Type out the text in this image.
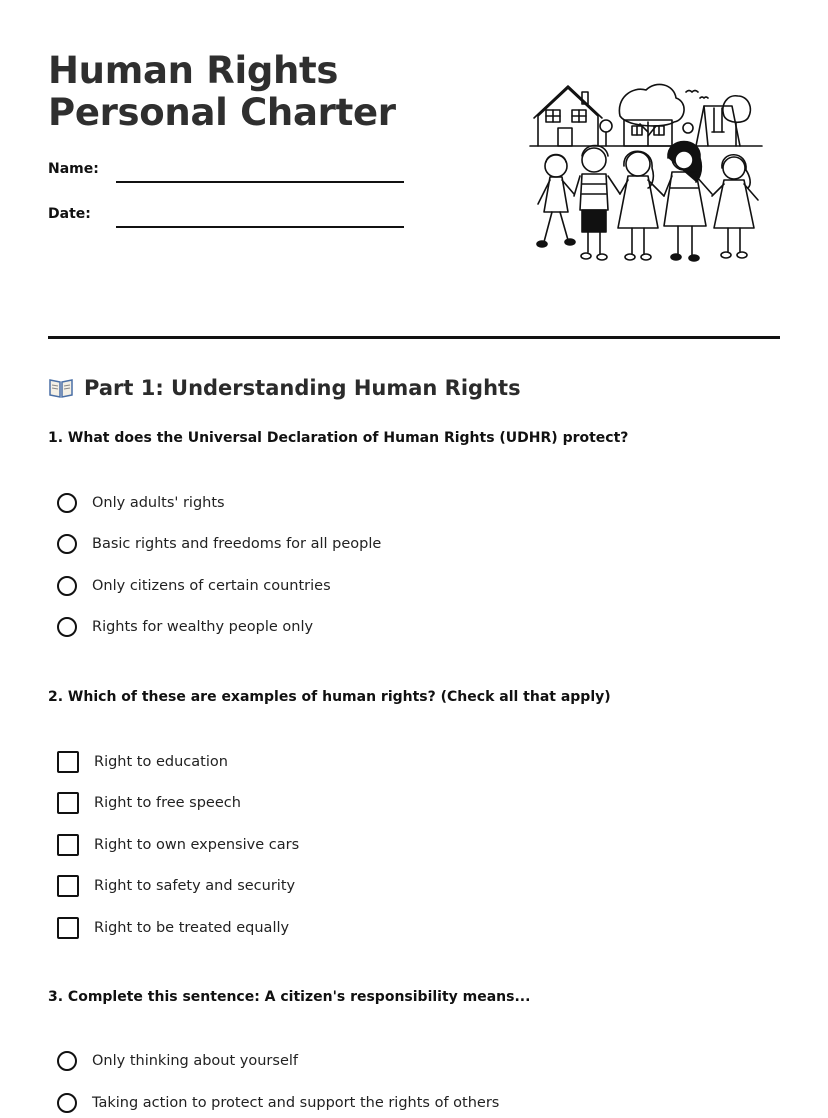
Human Rights Personal Charter
Name:
Date:
Part 1: Understanding Human Rights

1. What does the Universal Declaration of Human Rights (UDHR) protect?

Only adults' rights
Basic rights and freedoms for all people
Only citizens of certain countries
Rights for wealthy people only

2. Which of these are examples of human rights? (Check all that apply)

Right to education
Right to free speech
Right to own expensive cars
Right to safety and security
Right to be treated equally

3. Complete this sentence: A citizen's responsibility means...

Only thinking about yourself
Taking action to protect and support the rights of others
